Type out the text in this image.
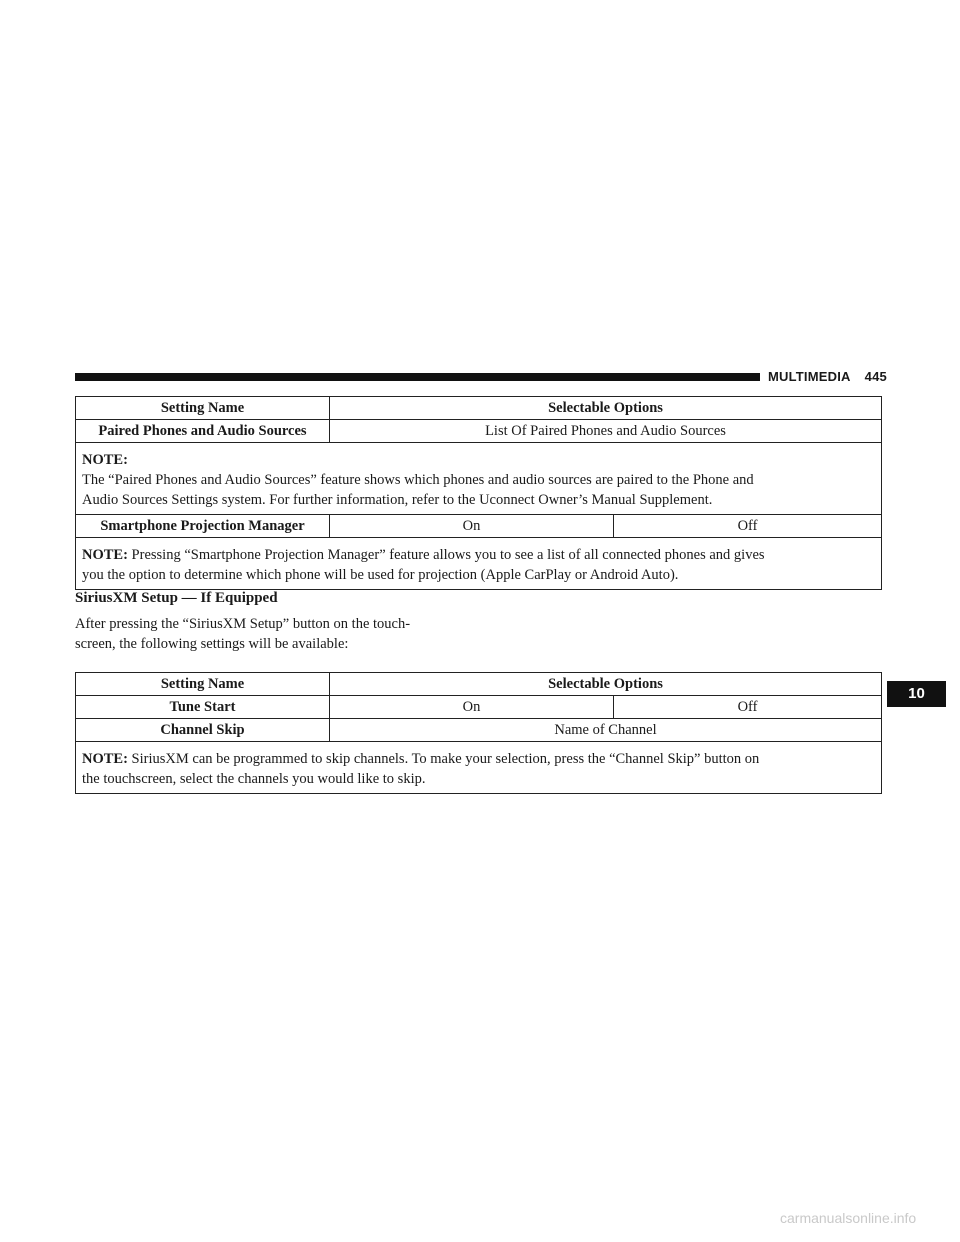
MULTIMEDIA 445
10
Setting Name	Selectable Options	
Paired Phones and Audio Sources	List Of Paired Phones and Audio Sources	

NOTE:
The “Paired Phones and Audio Sources” feature shows which phones and audio sources are paired to the Phone and
Audio Sources Settings system. For further information, refer to the Uconnect Owner’s Manual Supplement.		

Smartphone Projection Manager	On	Off

NOTE: Pressing “Smartphone Projection Manager” feature allows you to see a list of all connected phones and gives
you the option to determine which phone will be used for projection (Apple CarPlay or Android Auto).		
SiriusXM Setup — If Equipped
After pressing the “SiriusXM Setup” button on the touch-
screen, the following settings will be available:
Setting Name	Selectable Options	
Tune Start	On	Off
Channel Skip	Name of Channel	

NOTE: SiriusXM can be programmed to skip channels. To make your selection, press the “Channel Skip” button on
the touchscreen, select the channels you would like to skip.		
carmanualsonline.info
